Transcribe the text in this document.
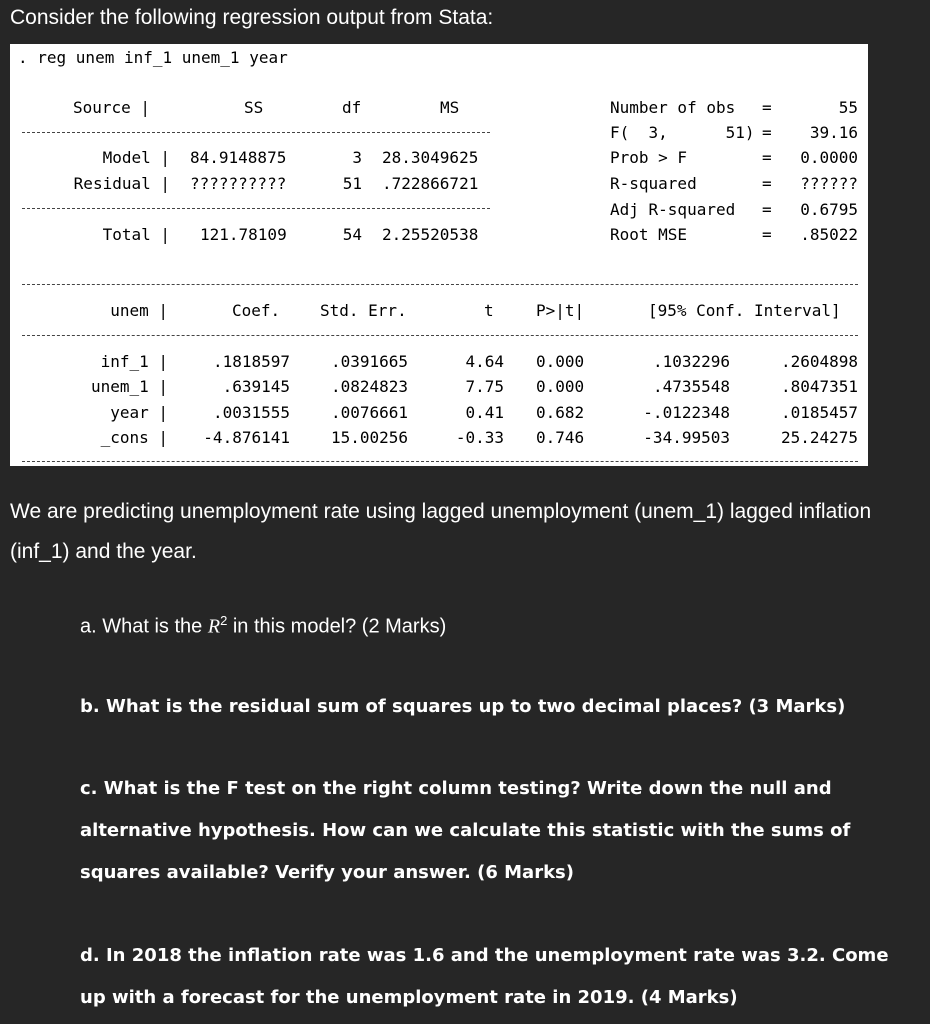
Consider the following regression output from Stata:
. reg unem inf_1 unem_1 year
Source |	SS	df	MS
Model | 84.9148875	3 28.3049625
Residual | ??????????	51 .722866721
Total | 121.78109	54 2.25520538
Number of obs =	55
F(  3,      51) =	39.16
Prob > F	=	0.0000
R-squared	=	??????
Adj R-squared =	0.6795
Root MSE	=	.85022
unem |	Coef. Std. Err.	t	P>|t|	[95% Conf. Interval]
inf_1 |	.1818597	.0391665	4.64 0.000	.1032296	.2604898
unem_1 |	.639145	.0824823	7.75 0.000	.4735548	.8047351
year |	.0031555	.0076661	0.41 0.682	-.0122348	.0185457
_cons |	-4.876141	15.00256	-0.33 0.746	-34.99503	25.24275
We are predicting unemployment rate using lagged unemployment (unem_1) lagged inflation (inf_1) and the year.
a. What is the $R^2$ in this model? (2 Marks)
b. What is the residual sum of squares up to two decimal places? (3 Marks)
c. What is the F test on the right column testing? Write down the null and alternative hypothesis. How can we calculate this statistic with the sums of squares available? Verify your answer. (6 Marks)
d. In 2018 the inflation rate was 1.6 and the unemployment rate was 3.2. Come up with a forecast for the unemployment rate in 2019. (4 Marks)
